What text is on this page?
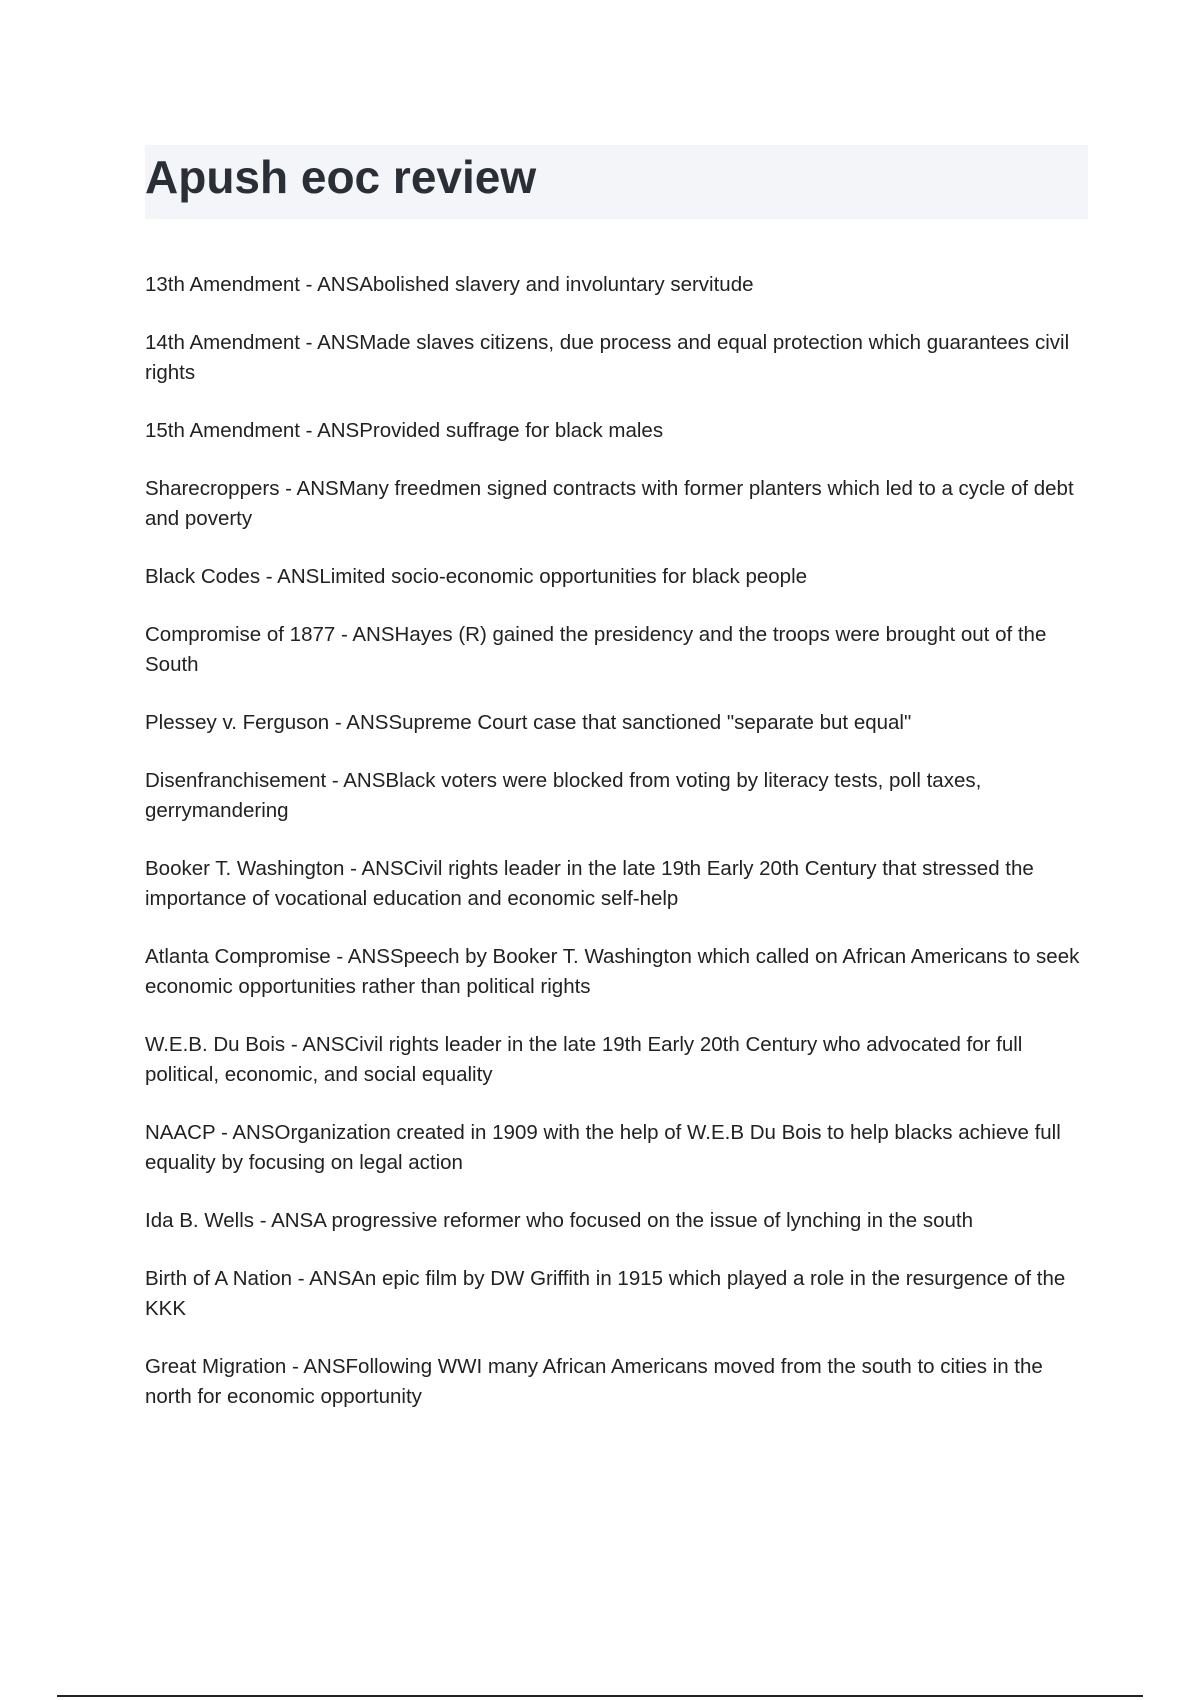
Apush eoc review

13th Amendment - ANSAbolished slavery and involuntary servitude

14th Amendment - ANSMade slaves citizens, due process and equal protection which guarantees civil rights

15th Amendment - ANSProvided suffrage for black males

Sharecroppers - ANSMany freedmen signed contracts with former planters which led to a cycle of debt and poverty

Black Codes - ANSLimited socio-economic opportunities for black people

Compromise of 1877 - ANSHayes (R) gained the presidency and the troops were brought out of the South

Plessey v. Ferguson - ANSSupreme Court case that sanctioned "separate but equal"

Disenfranchisement - ANSBlack voters were blocked from voting by literacy tests, poll taxes, gerrymandering

Booker T. Washington - ANSCivil rights leader in the late 19th Early 20th Century that stressed the importance of vocational education and economic self-help

Atlanta Compromise - ANSSpeech by Booker T. Washington which called on African Americans to seek economic opportunities rather than political rights

W.E.B. Du Bois - ANSCivil rights leader in the late 19th Early 20th Century who advocated for full political, economic, and social equality

NAACP - ANSOrganization created in 1909 with the help of W.E.B Du Bois to help blacks achieve full equality by focusing on legal action

Ida B. Wells - ANSA progressive reformer who focused on the issue of lynching in the south

Birth of A Nation - ANSAn epic film by DW Griffith in 1915 which played a role in the resurgence of the KKK

Great Migration - ANSFollowing WWI many African Americans moved from the south to cities in the north for economic opportunity
